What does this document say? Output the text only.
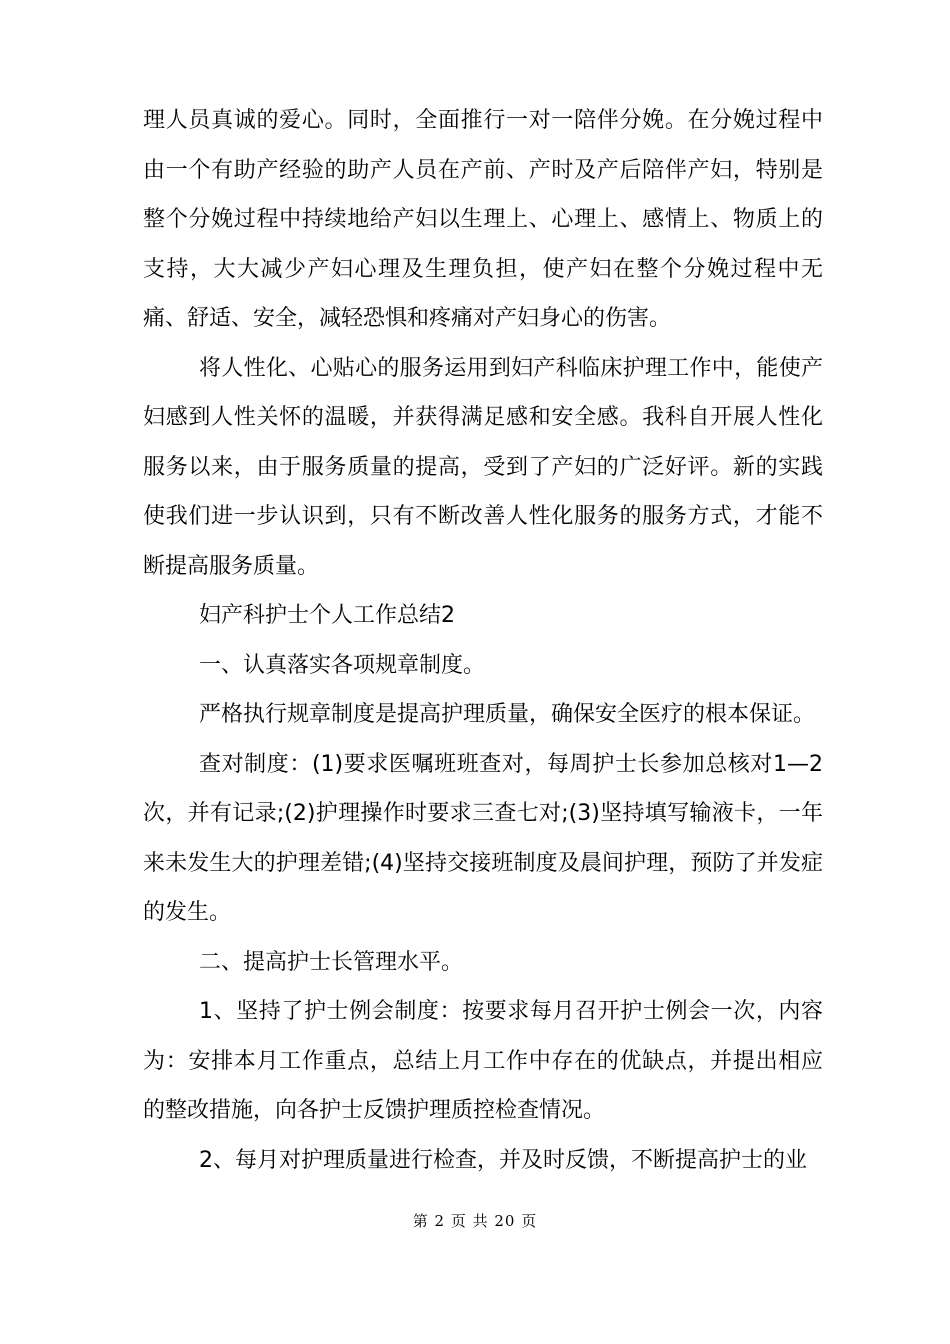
理人员真诚的爱心。同时，全面推行一对一陪伴分娩。在分娩过程中由一个有助产经验的助产人员在产前、产时及产后陪伴产妇，特别是整个分娩过程中持续地给产妇以生理上、心理上、感情上、物质上的支持，大大减少产妇心理及生理负担，使产妇在整个分娩过程中无痛、舒适、安全，减轻恐惧和疼痛对产妇身心的伤害。

将人性化、心贴心的服务运用到妇产科临床护理工作中，能使产妇感到人性关怀的温暖，并获得满足感和安全感。我科自开展人性化服务以来，由于服务质量的提高，受到了产妇的广泛好评。新的实践使我们进一步认识到，只有不断改善人性化服务的服务方式，才能不断提高服务质量。

妇产科护士个人工作总结2

一、认真落实各项规章制度。

严格执行规章制度是提高护理质量，确保安全医疗的根本保证。

查对制度：(1)要求医嘱班班查对，每周护士长参加总核对1—2次，并有记录;(2)护理操作时要求三查七对;(3)坚持填写输液卡，一年来未发生大的护理差错;(4)坚持交接班制度及晨间护理，预防了并发症的发生。

二、提高护士长管理水平。

1、坚持了护士例会制度：按要求每月召开护士例会一次，内容为：安排本月工作重点，总结上月工作中存在的优缺点，并提出相应的整改措施，向各护士反馈护理质控检查情况。

2、每月对护理质量进行检查，并及时反馈，不断提高护士的业

第 2 页 共 20 页
